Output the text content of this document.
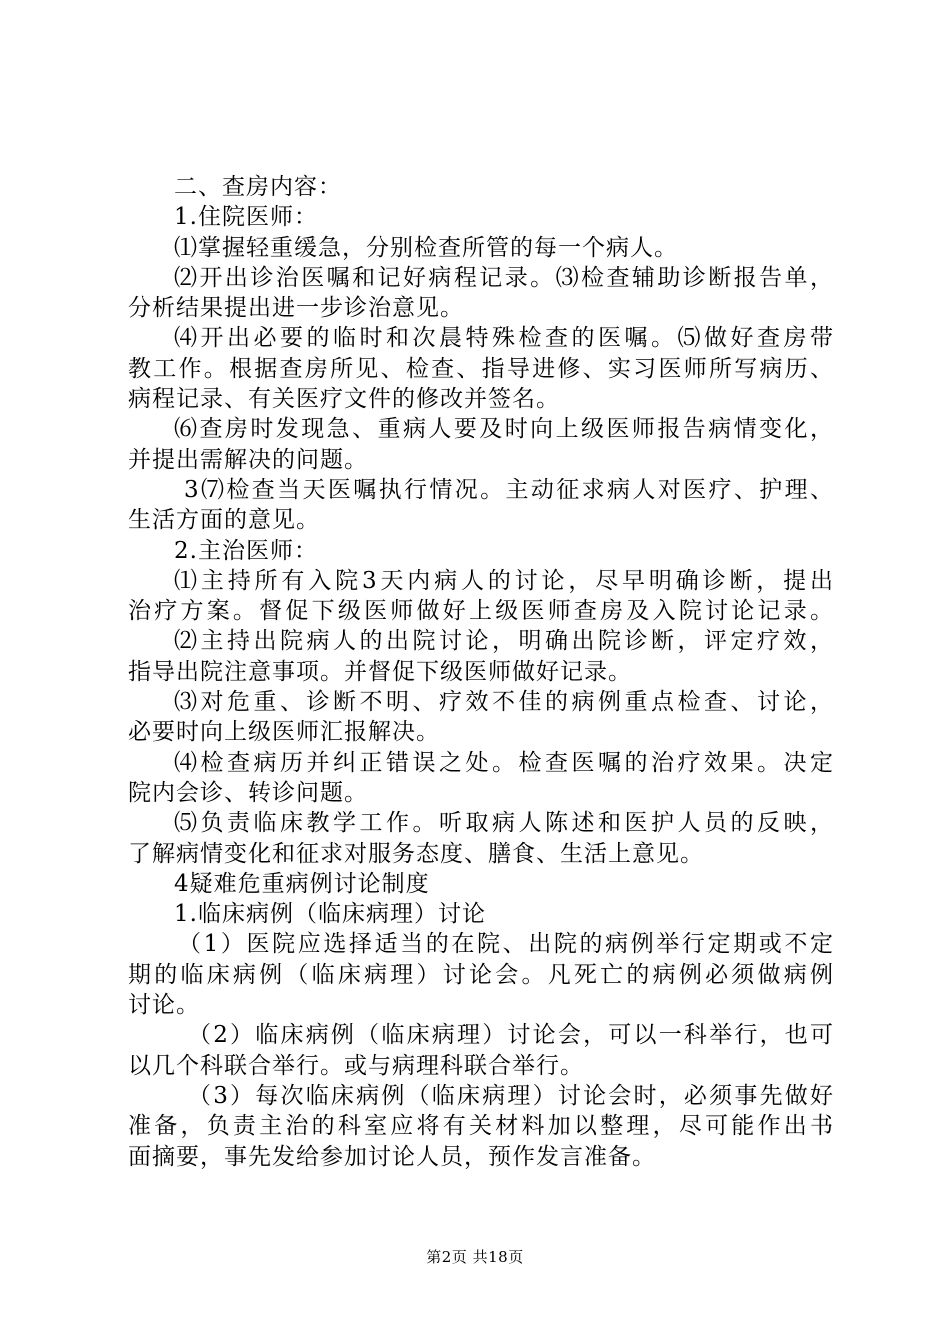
二、查房内容：
1.住院医师：
⑴掌握轻重缓急，分别检查所管的每一个病人。
⑵开出诊治医嘱和记好病程记录。⑶检查辅助诊断报告单，
分析结果提出进一步诊治意见。
⑷开出必要的临时和次晨特殊检查的医嘱。⑸做好查房带
教工作。根据查房所见、检查、指导进修、实习医师所写病历、
病程记录、有关医疗文件的修改并签名。
⑹查房时发现急、重病人要及时向上级医师报告病情变化，
并提出需解决的问题。
3⑺检查当天医嘱执行情况。主动征求病人对医疗、护理、
生活方面的意见。
2.主治医师：
⑴主持所有入院3天内病人的讨论，尽早明确诊断，提出
治疗方案。督促下级医师做好上级医师查房及入院讨论记录。
⑵主持出院病人的出院讨论，明确出院诊断，评定疗效，
指导出院注意事项。并督促下级医师做好记录。
⑶对危重、诊断不明、疗效不佳的病例重点检查、讨论，
必要时向上级医师汇报解决。
⑷检查病历并纠正错误之处。检查医嘱的治疗效果。决定
院内会诊、转诊问题。
⑸负责临床教学工作。听取病人陈述和医护人员的反映，
了解病情变化和征求对服务态度、膳食、生活上意见。
4疑难危重病例讨论制度
1.临床病例（临床病理）讨论
（1）医院应选择适当的在院、出院的病例举行定期或不定
期的临床病例（临床病理）讨论会。凡死亡的病例必须做病例
讨论。
（2）临床病例（临床病理）讨论会，可以一科举行，也可
以几个科联合举行。或与病理科联合举行。
（3）每次临床病例（临床病理）讨论会时，必须事先做好
准备，负责主治的科室应将有关材料加以整理，尽可能作出书
面摘要，事先发给参加讨论人员，预作发言准备。
第2页 共18页
